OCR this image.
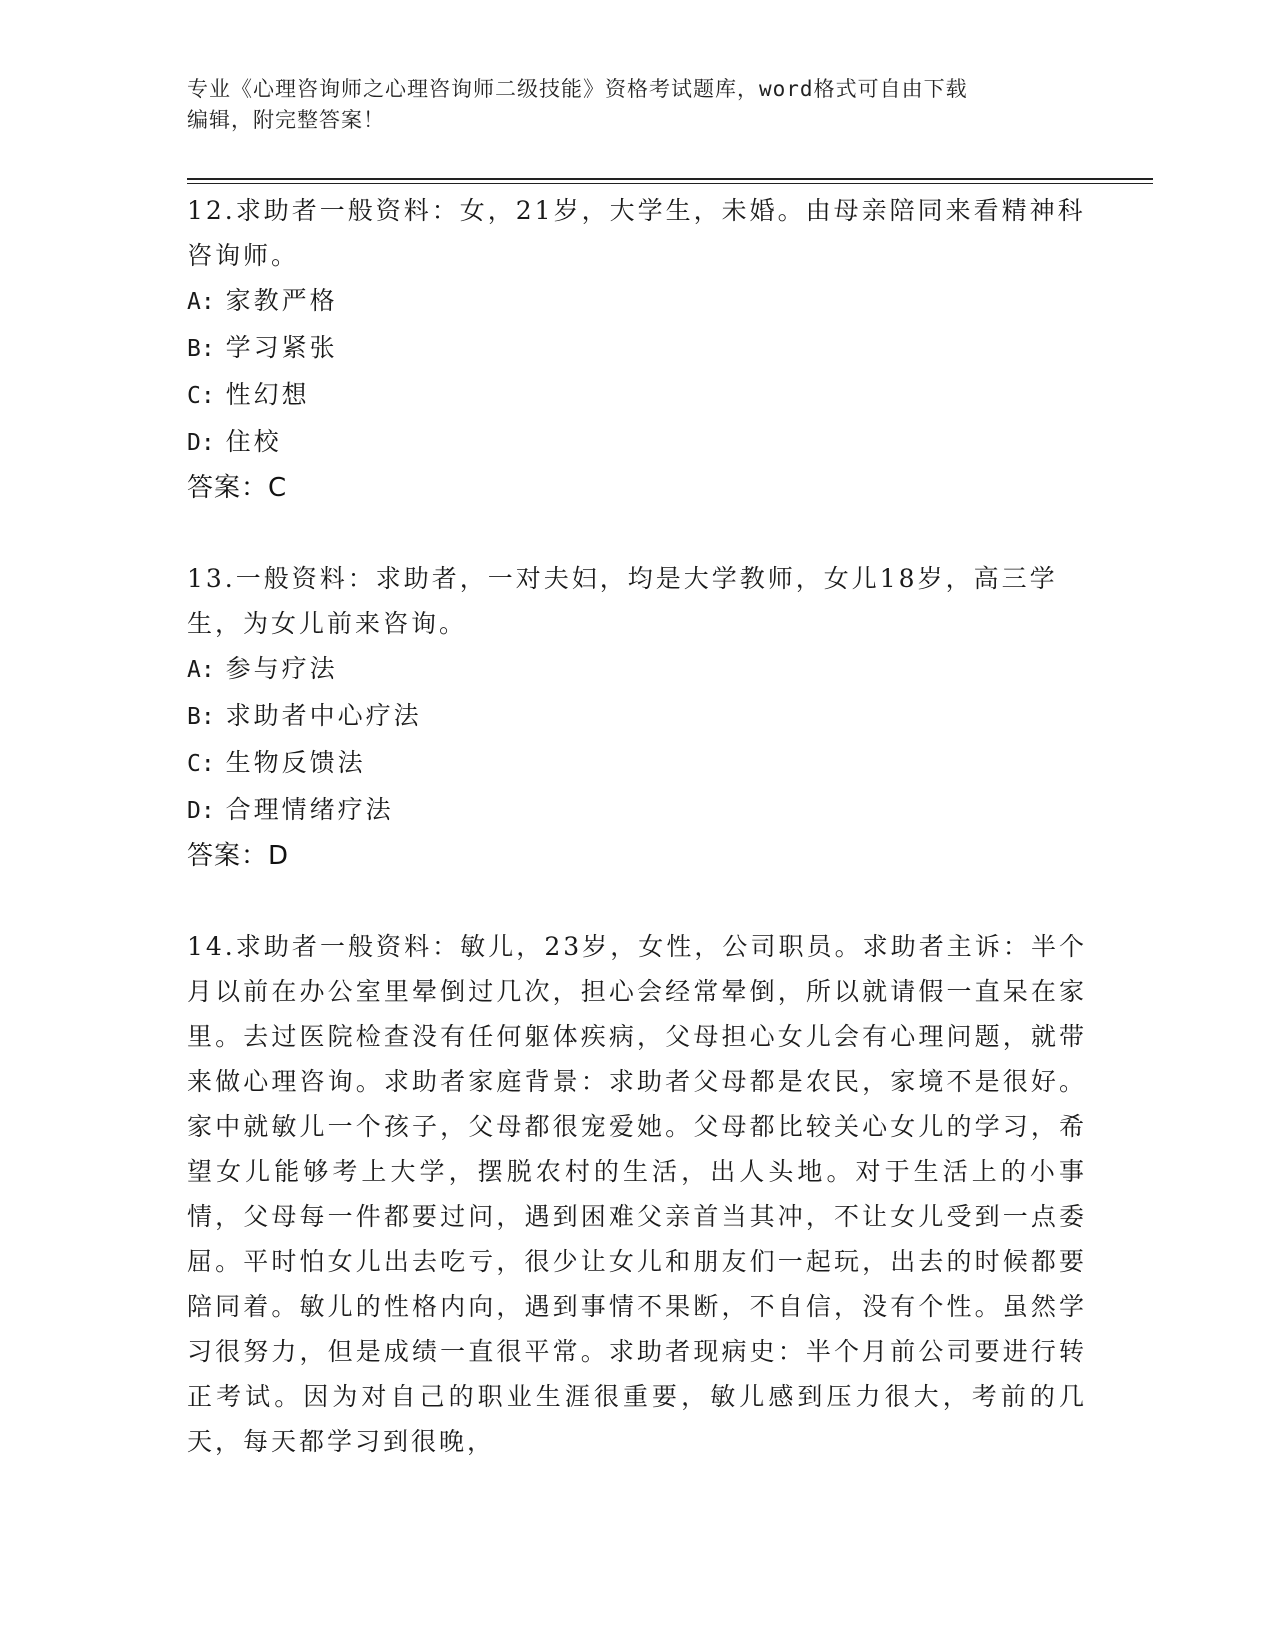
专业《心理咨询师之心理咨询师二级技能》资格考试题库，word格式可自由下载
编辑，附完整答案！

12.求助者一般资料：女，21岁，大学生，未婚。由母亲陪同来看精神科咨询师。

A: 家教严格

B: 学习紧张

C: 性幻想

D: 住校

答案：C

13.一般资料：求助者，一对夫妇，均是大学教师，女儿18岁，高三学生，为女儿前来咨询。

A: 参与疗法

B: 求助者中心疗法

C: 生物反馈法

D: 合理情绪疗法

答案：D

14.求助者一般资料：敏儿，23岁，女性，公司职员。求助者主诉：半个月以前在办公室里晕倒过几次，担心会经常晕倒，所以就请假一直呆在家里。去过医院检查没有任何躯体疾病，父母担心女儿会有心理问题，就带来做心理咨询。求助者家庭背景：求助者父母都是农民，家境不是很好。家中就敏儿一个孩子，父母都很宠爱她。父母都比较关心女儿的学习，希望女儿能够考上大学，摆脱农村的生活，出人头地。对于生活上的小事情，父母每一件都要过问，遇到困难父亲首当其冲，不让女儿受到一点委屈。平时怕女儿出去吃亏，很少让女儿和朋友们一起玩，出去的时候都要陪同着。敏儿的性格内向，遇到事情不果断，不自信，没有个性。虽然学习很努力，但是成绩一直很平常。求助者现病史：半个月前公司要进行转正考试。因为对自己的职业生涯很重要，敏儿感到压力很大，考前的几天，每天都学习到很晚，
